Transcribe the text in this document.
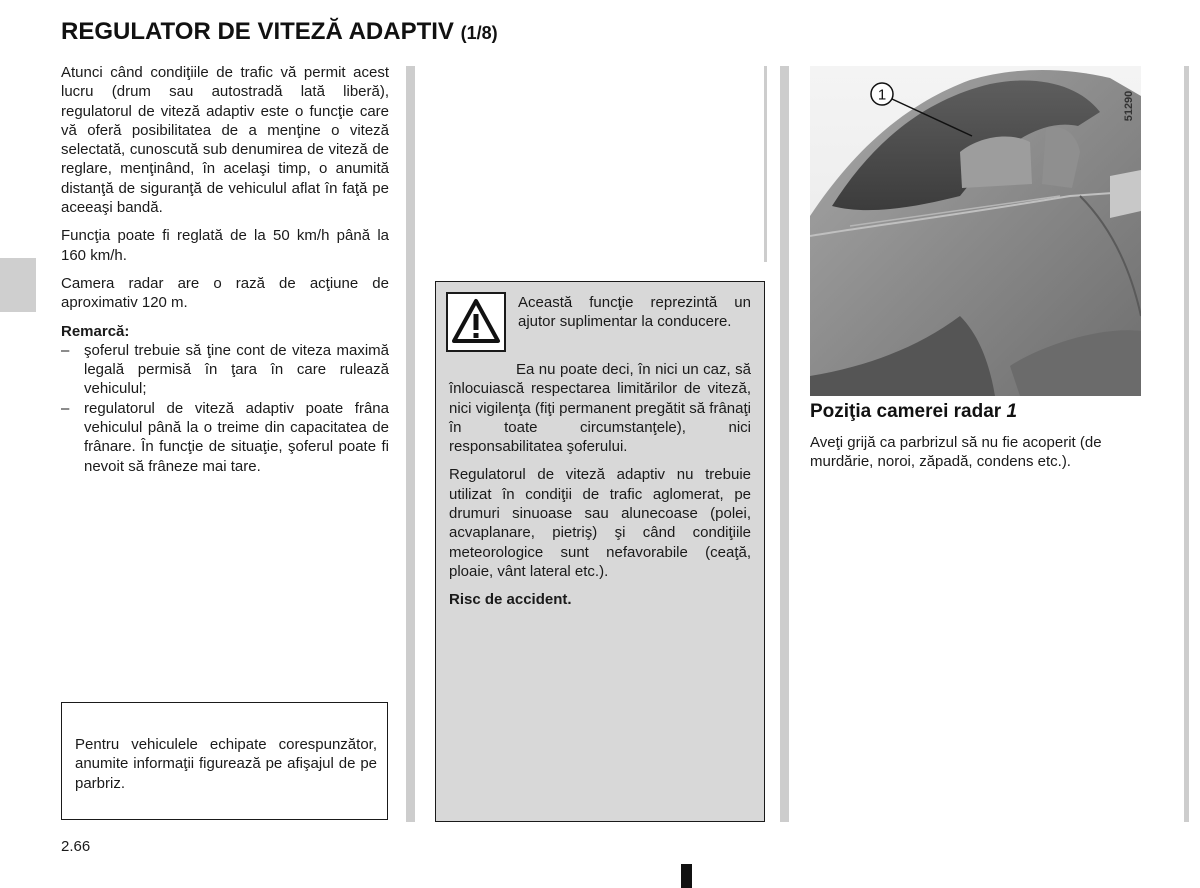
REGULATOR DE VITEZĂ ADAPTIV (1/8)

Atunci când condiţiile de trafic vă permit acest lucru (drum sau autostradă lată liberă), regulatorul de viteză adaptiv este o funcţie care vă oferă posibilitatea de a menţine o viteză selectată, cunoscută sub denumirea de viteză de reglare, menţinând, în acelaşi timp, o anumită distanţă de siguranţă de vehiculul aflat în faţă pe aceeaşi bandă.

Funcţia poate fi reglată de la 50 km/h până la 160 km/h.

Camera radar are o rază de acţiune de aproximativ 120 m.

Remarcă:
– şoferul trebuie să ţine cont de viteza maximă legală permisă în ţara în care rulează vehiculul;
– regulatorul de viteză adaptiv poate frâna vehiculul până la o treime din capacitatea de frânare. În funcţie de situaţie, şoferul poate fi nevoit să frâneze mai tare.
Pentru vehiculele echipate corespunzător, anumite informaţii figurează pe afişajul de pe parbriz.
Această funcţie reprezintă un ajutor suplimentar la conducere.

Ea nu poate deci, în nici un caz, să înlocuiască respectarea limitărilor de viteză, nici vigilenţa (fiţi permanent pregătit să frânaţi în toate circumstanţele), nici responsabilitatea şoferului.

Regulatorul de viteză adaptiv nu trebuie utilizat în condiţii de trafic aglomerat, pe drumuri sinuoase sau alunecoase (polei, acvaplanare, pietriş) şi când condiţiile meteorologice sunt nefavorabile (ceaţă, ploaie, vânt lateral etc.).

Risc de accident.

1	51290
Poziţia camerei radar 1
Aveţi grijă ca parbrizul să nu fie acoperit (de murdărie, noroi, zăpadă, condens etc.).
2.66
